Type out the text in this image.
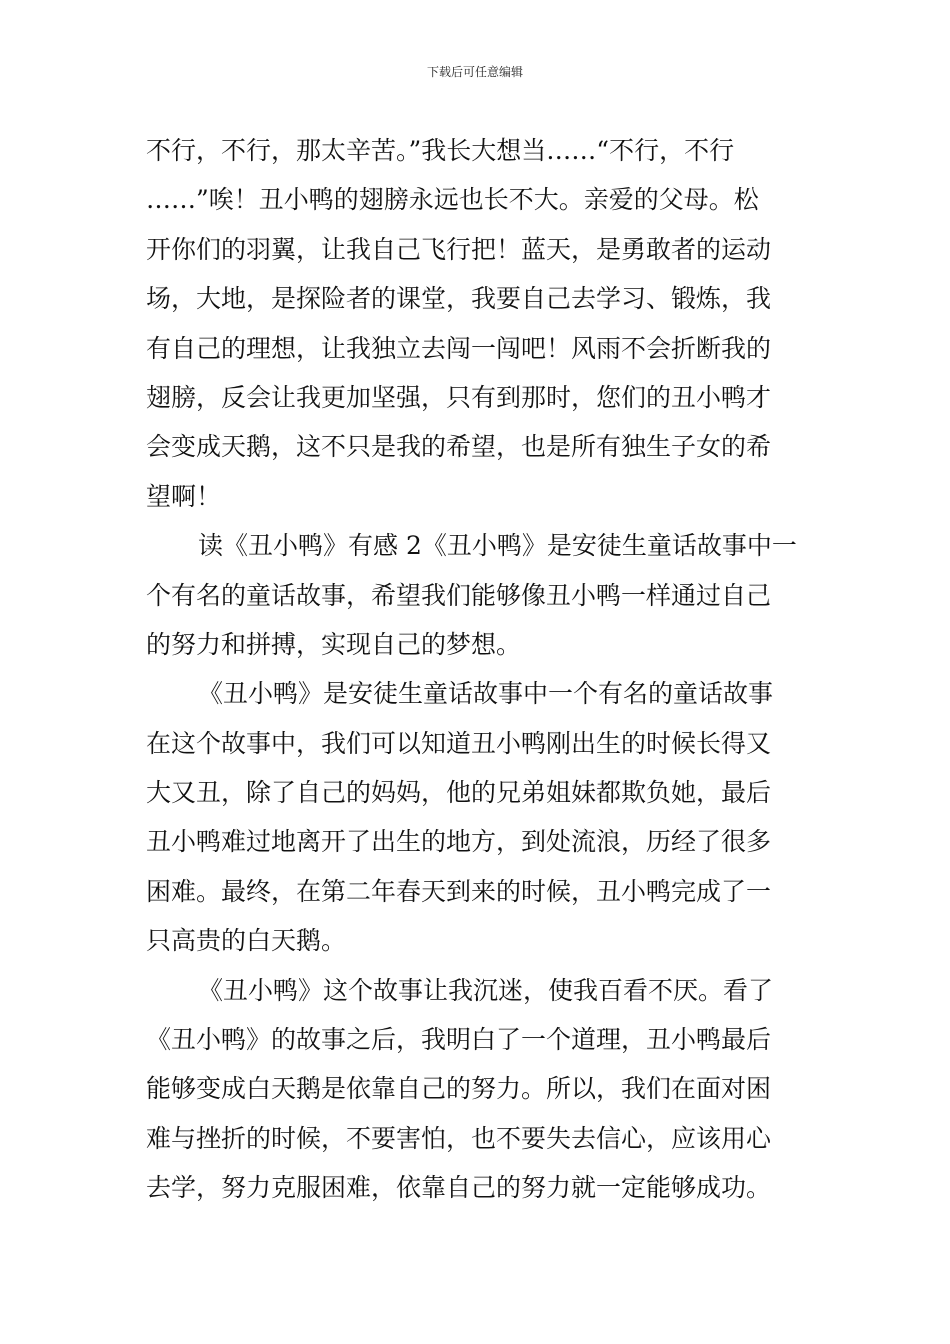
下载后可任意编辑
不行，不行，那太辛苦。”我长大想当……“不行，不行
……”唉！丑小鸭的翅膀永远也长不大。亲爱的父母。松
开你们的羽翼，让我自己飞行把！蓝天，是勇敢者的运动
场，大地，是探险者的课堂，我要自己去学习、锻炼，我
有自己的理想，让我独立去闯一闯吧！风雨不会折断我的
翅膀，反会让我更加坚强，只有到那时，您们的丑小鸭才
会变成天鹅，这不只是我的希望，也是所有独生子女的希
望啊！
读《丑小鸭》有感 2《丑小鸭》是安徒生童话故事中一
个有名的童话故事，希望我们能够像丑小鸭一样通过自己
的努力和拼搏，实现自己的梦想。
《丑小鸭》是安徒生童话故事中一个有名的童话故事
在这个故事中，我们可以知道丑小鸭刚出生的时候长得又
大又丑，除了自己的妈妈，他的兄弟姐妹都欺负她，最后
丑小鸭难过地离开了出生的地方，到处流浪，历经了很多
困难。最终，在第二年春天到来的时候，丑小鸭完成了一
只高贵的白天鹅。
《丑小鸭》这个故事让我沉迷，使我百看不厌。看了
《丑小鸭》的故事之后，我明白了一个道理，丑小鸭最后
能够变成白天鹅是依靠自己的努力。所以，我们在面对困
难与挫折的时候，不要害怕，也不要失去信心，应该用心
去学，努力克服困难，依靠自己的努力就一定能够成功。
